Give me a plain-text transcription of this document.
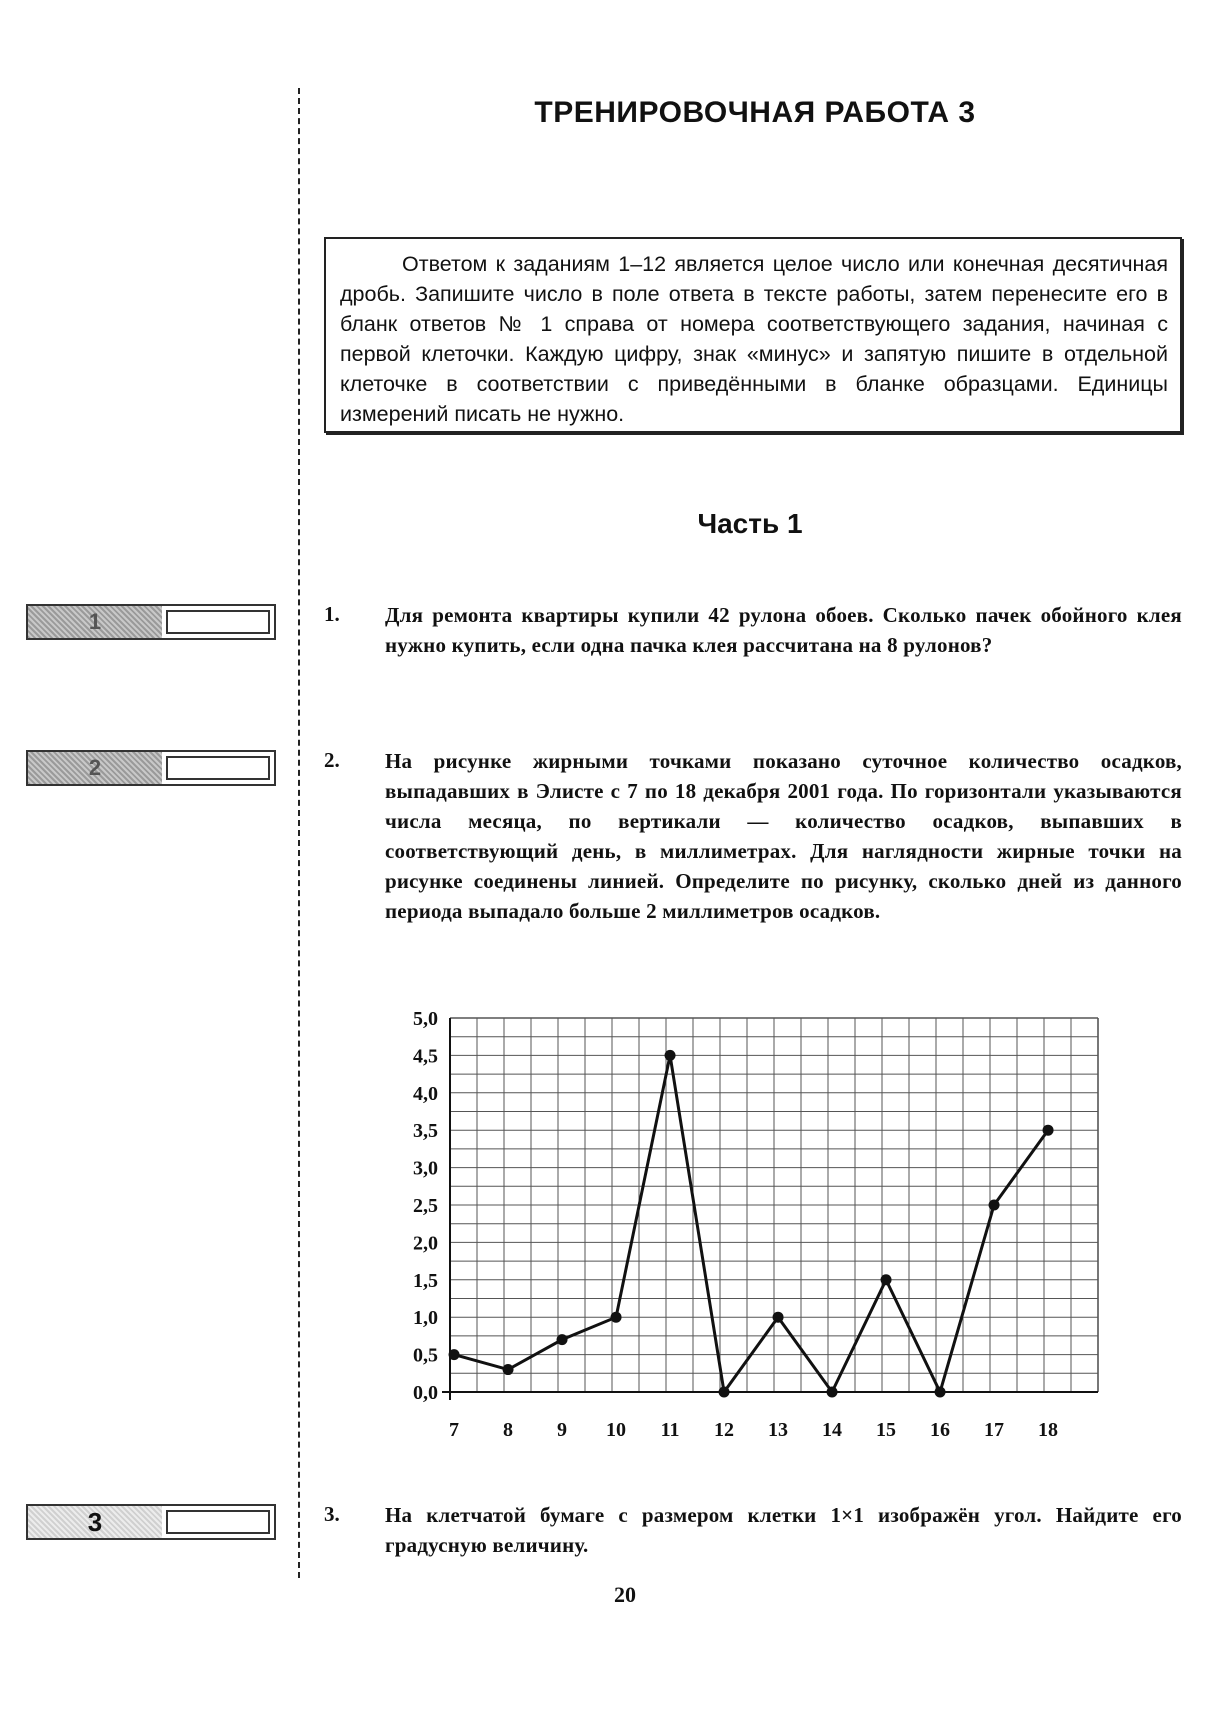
ТРЕНИРОВОЧНАЯ РАБОТА 3
Ответом к заданиям 1–12 является целое число или конечная десятичная дробь. Запишите число в поле ответа в тексте работы, затем перенесите его в бланк ответов № 1 справа от номера соответствующего задания, начиная с первой клеточки. Каждую цифру, знак «минус» и запятую пишите в отдельной клеточке в соответствии с приведёнными в бланке образцами. Единицы измерений писать не нужно.
Часть 1
1	1. Для ремонта квартиры купили 42 рулона обоев. Сколько пачек обойного клея нужно купить, если одна пачка клея рассчитана на 8 рулонов?
2	2. На рисунке жирными точками показано суточное количество осадков, выпадавших в Элисте с 7 по 18 декабря 2001 года. По горизонтали указываются числа месяца, по вертикали — количество осадков, выпавших в соответствующий день, в миллиметрах. Для наглядности жирные точки на рисунке соединены линией. Определите по рисунку, сколько дней из данного периода выпадало больше 2 миллиметров осадков.
0,0
0,5
1,0
1,5
2,0
2,5
3,0
3,5
4,0
4,5
5,0
7 8 9 10 11 12 13 14 15 16 17 18
3	3. На клетчатой бумаге с размером клетки 1×1 изображён угол. Найдите его градусную величину.
20
